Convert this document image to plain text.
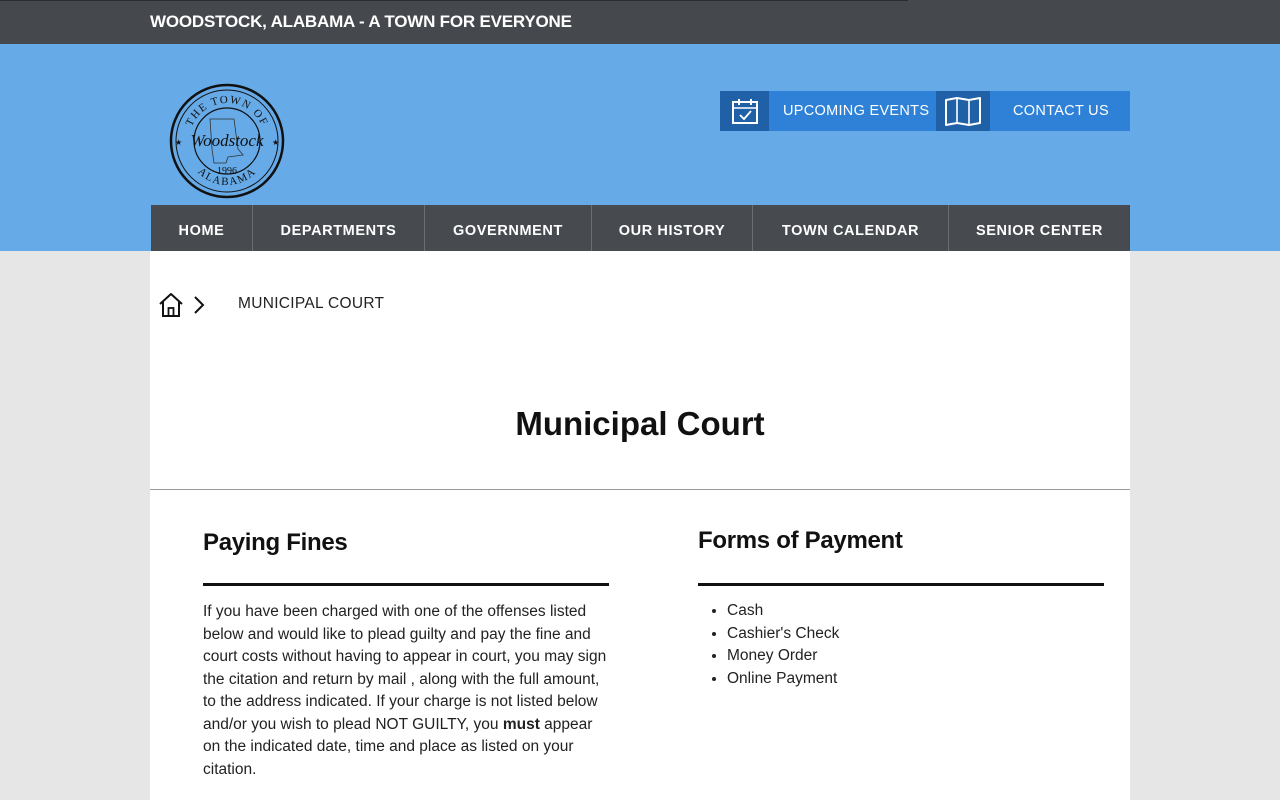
WOODSTOCK, ALABAMA - A TOWN FOR EVERYONE
THE TOWN OF
ALABAMA
★	★
Woodstock
1996
UPCOMING EVENTS	CONTACT US
HOME	DEPARTMENTS	GOVERNMENT	OUR HISTORY	TOWN CALENDAR	SENIOR CENTER
MUNICIPAL COURT
Municipal Court
Paying Fines

If you have been charged with one of the offenses listed below and would like to plead guilty and pay the fine and court costs without having to appear in court, you may sign the citation and return by mail , along with the full amount, to the address indicated. If your charge is not listed below and/or you wish to plead NOT GUILTY, you must appear on the indicated date, time and place as listed on your citation.

Forms of Payment
• Cash
• Cashier's Check
• Money Order
• Online Payment
